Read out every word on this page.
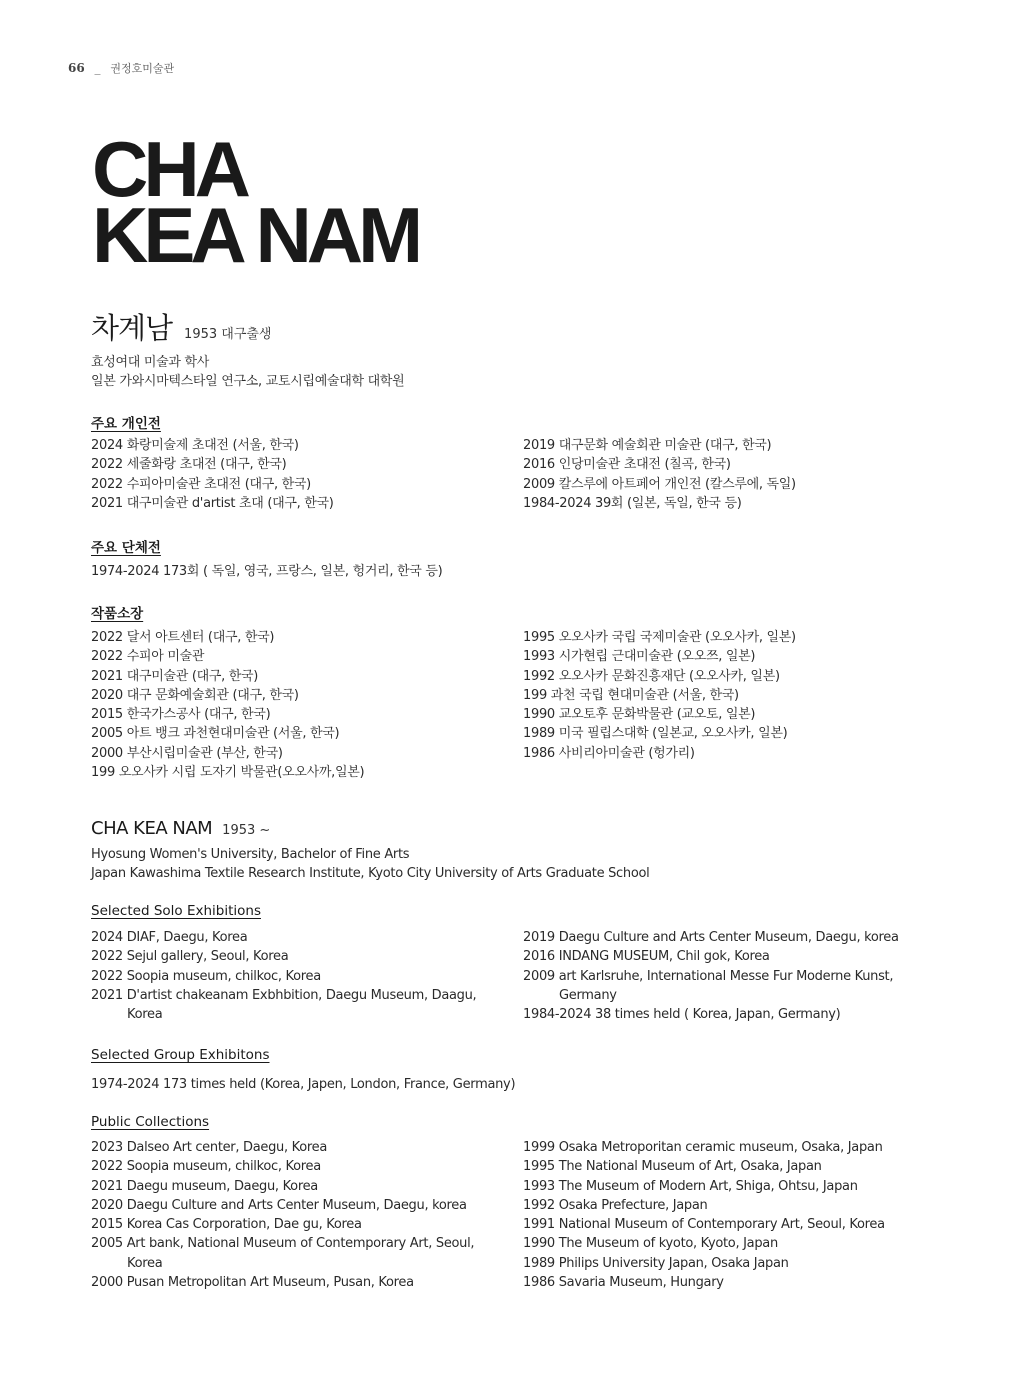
66 _ 권정호미술관
CHA
KEA NAM
차계남 1953 대구출생
효성여대 미술과 학사
일본 가와시마텍스타일 연구소, 교토시립예술대학 대학원
주요 개인전
2024 화랑미술제 초대전 (서울, 한국)
2022 세줄화랑 초대전 (대구, 한국)
2022 수피아미술관 초대전 (대구, 한국)
2021 대구미술관 d'artist 초대 (대구, 한국)
2019 대구문화 예술회관 미술관 (대구, 한국)
2016 인당미술관 초대전 (칠곡, 한국)
2009 칼스루에 아트페어 개인전 (칼스루에, 독일)
1984-2024 39회 (일본, 독일, 한국 등)
주요 단체전
1974-2024 173회 ( 독일, 영국, 프랑스, 일본, 헝거리, 한국 등)
작품소장
2022 달서 아트센터 (대구, 한국)
2022 수피아 미술관
2021 대구미술관 (대구, 한국)
2020 대구 문화예술회관 (대구, 한국)
2015 한국가스공사 (대구, 한국)
2005 아트 뱅크 과천현대미술관 (서울, 한국)
2000 부산시립미술관 (부산, 한국)
199 오오사카 시립 도자기 박물관(오오사까,일본)
1995 오오사카 국립 국제미술관 (오오사카, 일본)
1993 시가현립 근대미술관 (오오쯔, 일본)
1992 오오사카 문화진흥재단 (오오사카, 일본)
199 과천 국립 현대미술관 (서울, 한국)
1990 교오토후 문화박물관 (교오토, 일본)
1989 미국 필립스대학 (일본교, 오오사카, 일본)
1986 사비리아미술관 (헝가리)
CHA KEA NAM 1953 ~
Hyosung Women's University, Bachelor of Fine Arts
Japan Kawashima Textile Research Institute, Kyoto City University of Arts Graduate School
Selected Solo Exhibitions
2024 DIAF, Daegu, Korea
2022 Sejul gallery, Seoul, Korea
2022 Soopia museum, chilkoc, Korea
2021 D'artist chakeanam Exbhbition, Daegu Museum, Daagu,
Korea
2019 Daegu Culture and Arts Center Museum, Daegu, korea
2016 INDANG MUSEUM, Chil gok, Korea
2009 art Karlsruhe, International Messe Fur Moderne Kunst,
Germany
1984-2024 38 times held ( Korea, Japan, Germany)
Selected Group Exhibitons
1974-2024 173 times held (Korea, Japen, London, France, Germany)
Public Collections
2023 Dalseo Art center, Daegu, Korea
2022 Soopia museum, chilkoc, Korea
2021 Daegu museum, Daegu, Korea
2020 Daegu Culture and Arts Center Museum, Daegu, korea
2015 Korea Cas Corporation, Dae gu, Korea
2005 Art bank, National Museum of Contemporary Art, Seoul,
Korea
2000 Pusan Metropolitan Art Museum, Pusan, Korea
1999 Osaka Metroporitan ceramic museum, Osaka, Japan
1995 The National Museum of Art, Osaka, Japan
1993 The Museum of Modern Art, Shiga, Ohtsu, Japan
1992 Osaka Prefecture, Japan
1991 National Museum of Contemporary Art, Seoul, Korea
1990 The Museum of kyoto, Kyoto, Japan
1989 Philips University Japan, Osaka Japan
1986 Savaria Museum, Hungary
